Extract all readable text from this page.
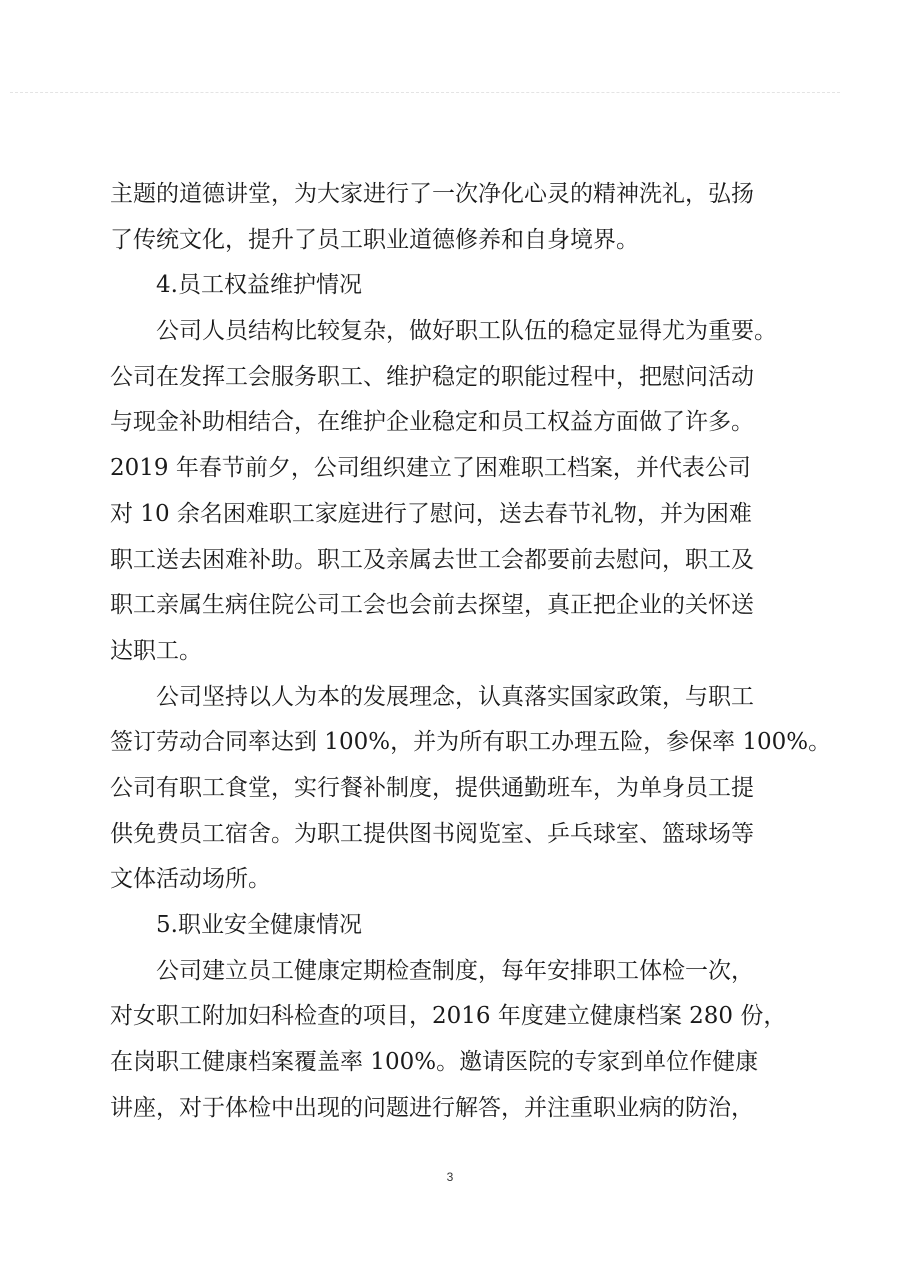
主题的道德讲堂，为大家进行了一次净化心灵的精神洗礼，弘扬
了传统文化，提升了员工职业道德修养和自身境界。
4.员工权益维护情况
公司人员结构比较复杂，做好职工队伍的稳定显得尤为重要。
公司在发挥工会服务职工、维护稳定的职能过程中，把慰问活动
与现金补助相结合，在维护企业稳定和员工权益方面做了许多。
2019 年春节前夕，公司组织建立了困难职工档案，并代表公司
对 10 余名困难职工家庭进行了慰问，送去春节礼物，并为困难
职工送去困难补助。职工及亲属去世工会都要前去慰问，职工及
职工亲属生病住院公司工会也会前去探望，真正把企业的关怀送
达职工。
公司坚持以人为本的发展理念，认真落实国家政策，与职工
签订劳动合同率达到 100%，并为所有职工办理五险，参保率 100%。
公司有职工食堂，实行餐补制度，提供通勤班车，为单身员工提
供免费员工宿舍。为职工提供图书阅览室、乒乓球室、篮球场等
文体活动场所。
5.职业安全健康情况
公司建立员工健康定期检查制度，每年安排职工体检一次，
对女职工附加妇科检查的项目，2016 年度建立健康档案 280 份，
在岗职工健康档案覆盖率 100%。邀请医院的专家到单位作健康
讲座，对于体检中出现的问题进行解答，并注重职业病的防治，
3
